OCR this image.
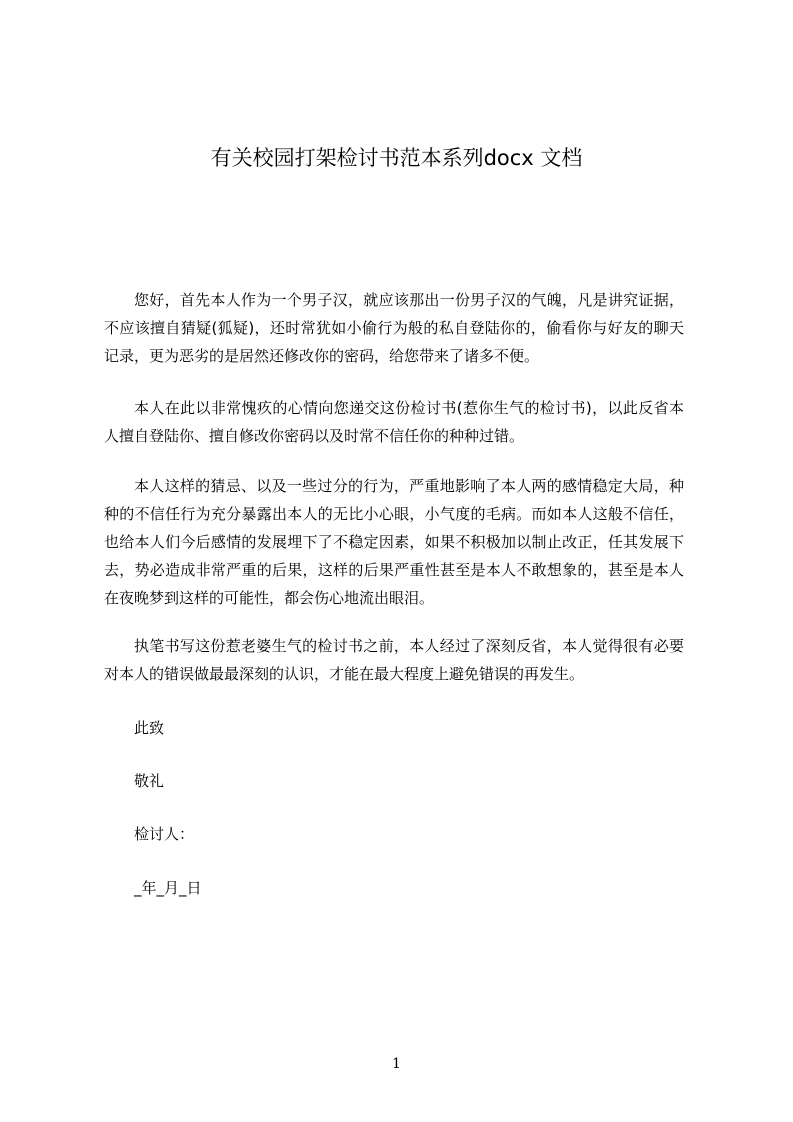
有关校园打架检讨书范本系列docx 文档

您好，首先本人作为一个男子汉，就应该那出一份男子汉的气魄，凡是讲究证据，不应该擅自猜疑(狐疑)，还时常犹如小偷行为般的私自登陆你的，偷看你与好友的聊天记录，更为恶劣的是居然还修改你的密码，给您带来了诸多不便。

本人在此以非常愧疚的心情向您递交这份检讨书(惹你生气的检讨书)，以此反省本人擅自登陆你、擅自修改你密码以及时常不信任你的种种过错。

本人这样的猜忌、以及一些过分的行为，严重地影响了本人两的感情稳定大局，种种的不信任行为充分暴露出本人的无比小心眼，小气度的毛病。而如本人这般不信任，也给本人们今后感情的发展埋下了不稳定因素，如果不积极加以制止改正，任其发展下去，势必造成非常严重的后果，这样的后果严重性甚至是本人不敢想象的，甚至是本人在夜晚梦到这样的可能性，都会伤心地流出眼泪。

执笔书写这份惹老婆生气的检讨书之前，本人经过了深刻反省，本人觉得很有必要对本人的错误做最最深刻的认识，才能在最大程度上避免错误的再发生。

此致
敬礼
检讨人：
_年_月_日
1
